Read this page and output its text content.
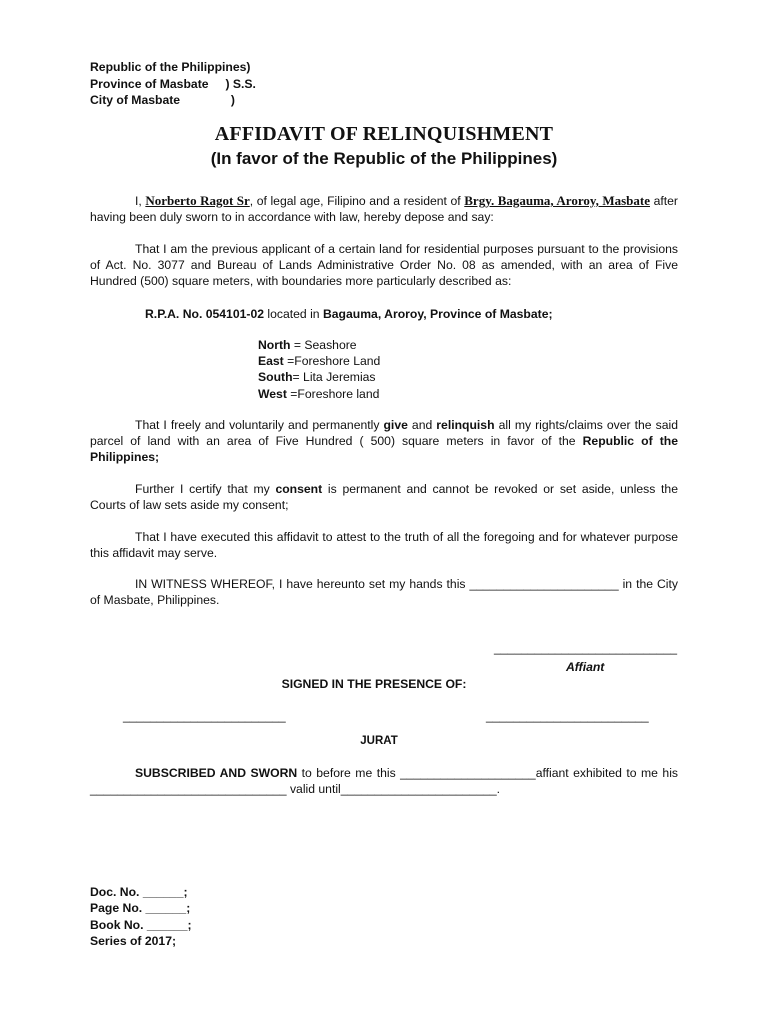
Republic of the Philippines)
Province of Masbate     ) S.S.
City of Masbate               )
AFFIDAVIT OF RELINQUISHMENT
(In favor of the Republic of the Philippines)
I, Norberto Ragot Sr, of legal age, Filipino and a resident of Brgy. Bagauma, Aroroy, Masbate after having been duly sworn to in accordance with law, hereby depose and say:
That I am the previous applicant of a certain land for residential purposes pursuant to the provisions of Act. No. 3077 and Bureau of Lands Administrative Order No. 08 as amended, with an area of Five Hundred (500) square meters, with boundaries more particularly described as:
R.P.A. No. 054101-02 located in Bagauma, Aroroy, Province of Masbate;
North = Seashore
East =Foreshore Land
South= Lita Jeremias
West =Foreshore land
That I freely and voluntarily and permanently give and relinquish all my rights/claims over the said parcel of land with an area of Five Hundred ( 500) square meters in favor of the Republic of the Philippines;
Further I certify that my consent is permanent and cannot be revoked or set aside, unless the Courts of law sets aside my consent;
That I have executed this affidavit to attest to the truth of all the foregoing and for whatever purpose this affidavit may serve.
IN WITNESS WHEREOF, I have hereunto set my hands this ______________________ in the City of Masbate, Philippines.
___________________________
Affiant
SIGNED IN THE PRESENCE OF:
________________________	________________________
JURAT
SUBSCRIBED AND SWORN to before me this ____________________affiant exhibited to me his _____________________________ valid until_______________________.
Doc. No. ______;
Page No. ______;
Book No. ______;
Series of 2017;
